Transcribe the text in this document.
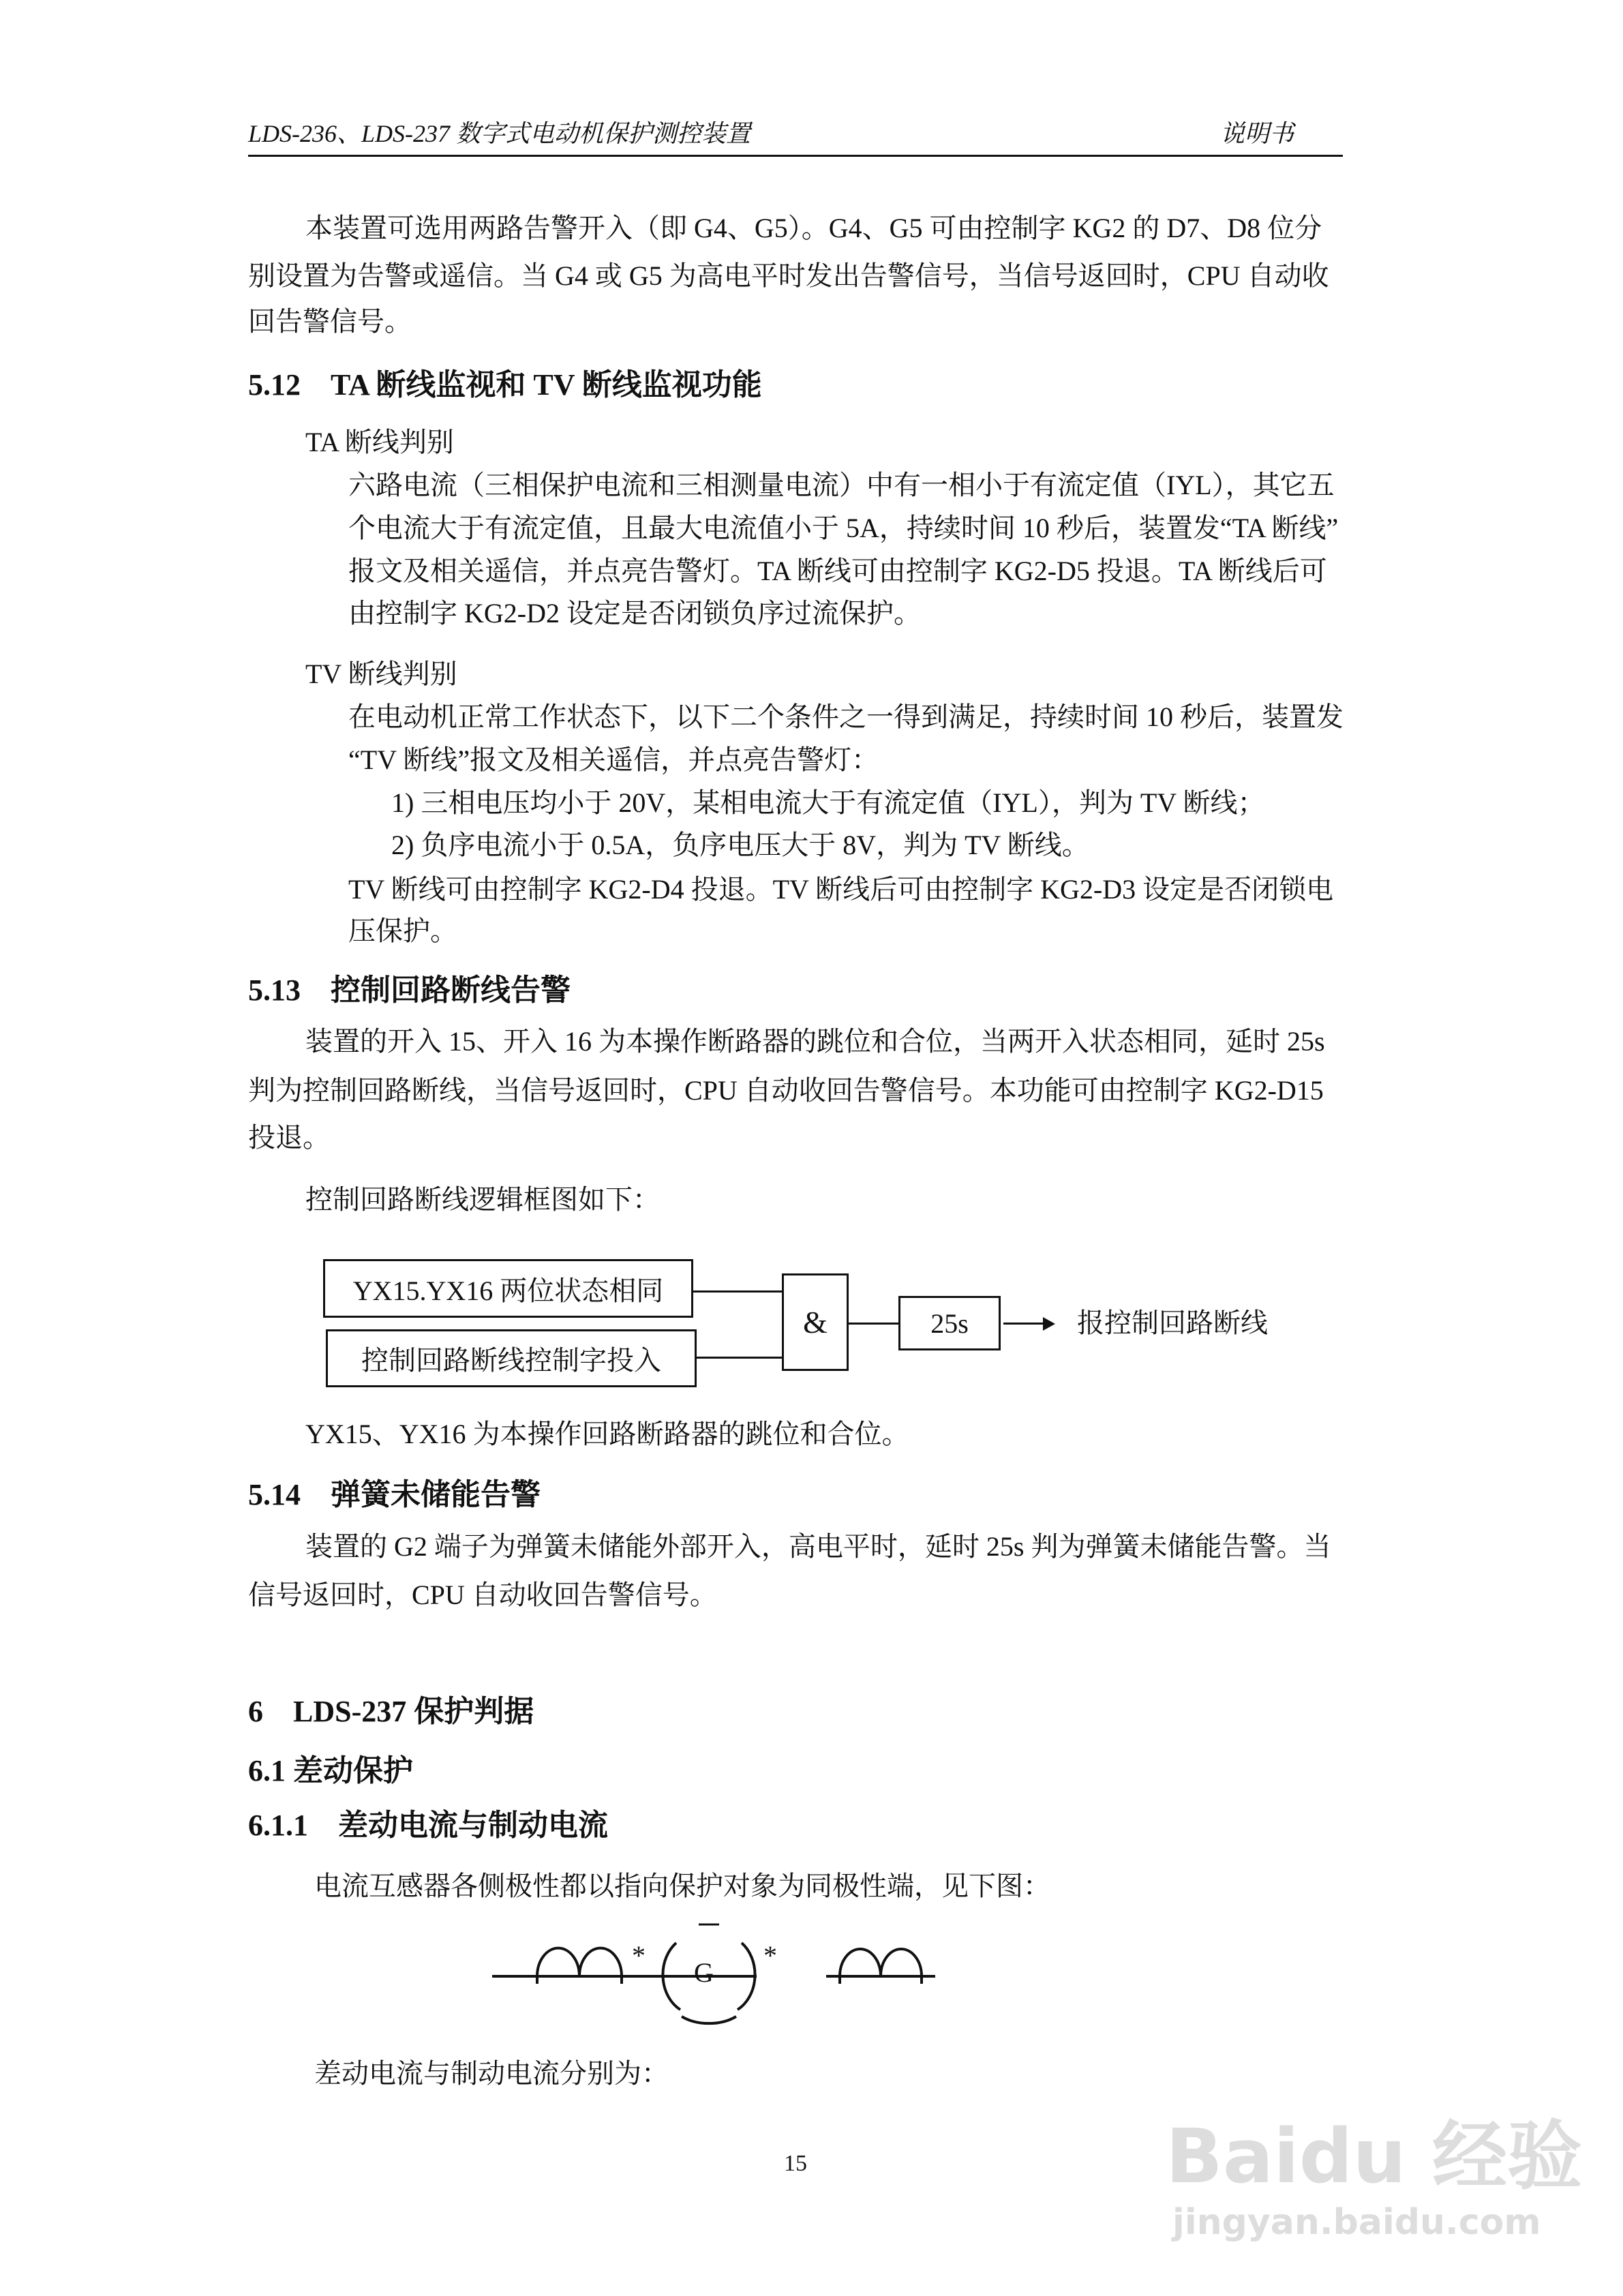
LDS-236、LDS-237 数字式电动机保护测控装置	说明书
本装置可选用两路告警开入（即 G4、G5）。G4、G5 可由控制字 KG2 的 D7、D8 位分
别设置为告警或遥信。当 G4 或 G5 为高电平时发出告警信号，当信号返回时，CPU 自动收
回告警信号。
5.12　TA 断线监视和 TV 断线监视功能
TA 断线判别
六路电流（三相保护电流和三相测量电流）中有一相小于有流定值（IYL），其它五
个电流大于有流定值，且最大电流值小于 5A，持续时间 10 秒后，装置发“TA 断线”
报文及相关遥信，并点亮告警灯。TA 断线可由控制字 KG2-D5 投退。TA 断线后可
由控制字 KG2-D2 设定是否闭锁负序过流保护。
TV 断线判别
在电动机正常工作状态下，以下二个条件之一得到满足，持续时间 10 秒后，装置发
“TV 断线”报文及相关遥信，并点亮告警灯：
1) 三相电压均小于 20V，某相电流大于有流定值（IYL），判为 TV 断线；
2) 负序电流小于 0.5A，负序电压大于 8V，判为 TV 断线。
TV 断线可由控制字 KG2-D4 投退。TV 断线后可由控制字 KG2-D3 设定是否闭锁电
压保护。
5.13　控制回路断线告警
装置的开入 15、开入 16 为本操作断路器的跳位和合位，当两开入状态相同，延时 25s
判为控制回路断线，当信号返回时，CPU 自动收回告警信号。本功能可由控制字 KG2-D15
投退。
控制回路断线逻辑框图如下：
YX15.YX16 两位状态相同
控制回路断线控制字投入
&	25s	报控制回路断线
YX15、YX16 为本操作回路断路器的跳位和合位。
5.14　弹簧未储能告警
装置的 G2 端子为弹簧未储能外部开入，高电平时，延时 25s 判为弹簧未储能告警。当
信号返回时，CPU 自动收回告警信号。
6　LDS-237 保护判据
6.1 差动保护
6.1.1　差动电流与制动电流
电流互感器各侧极性都以指向保护对象为同极性端，见下图：
G
*	*
差动电流与制动电流分别为：
15	Baidu 经验
jingyan.baidu.com
